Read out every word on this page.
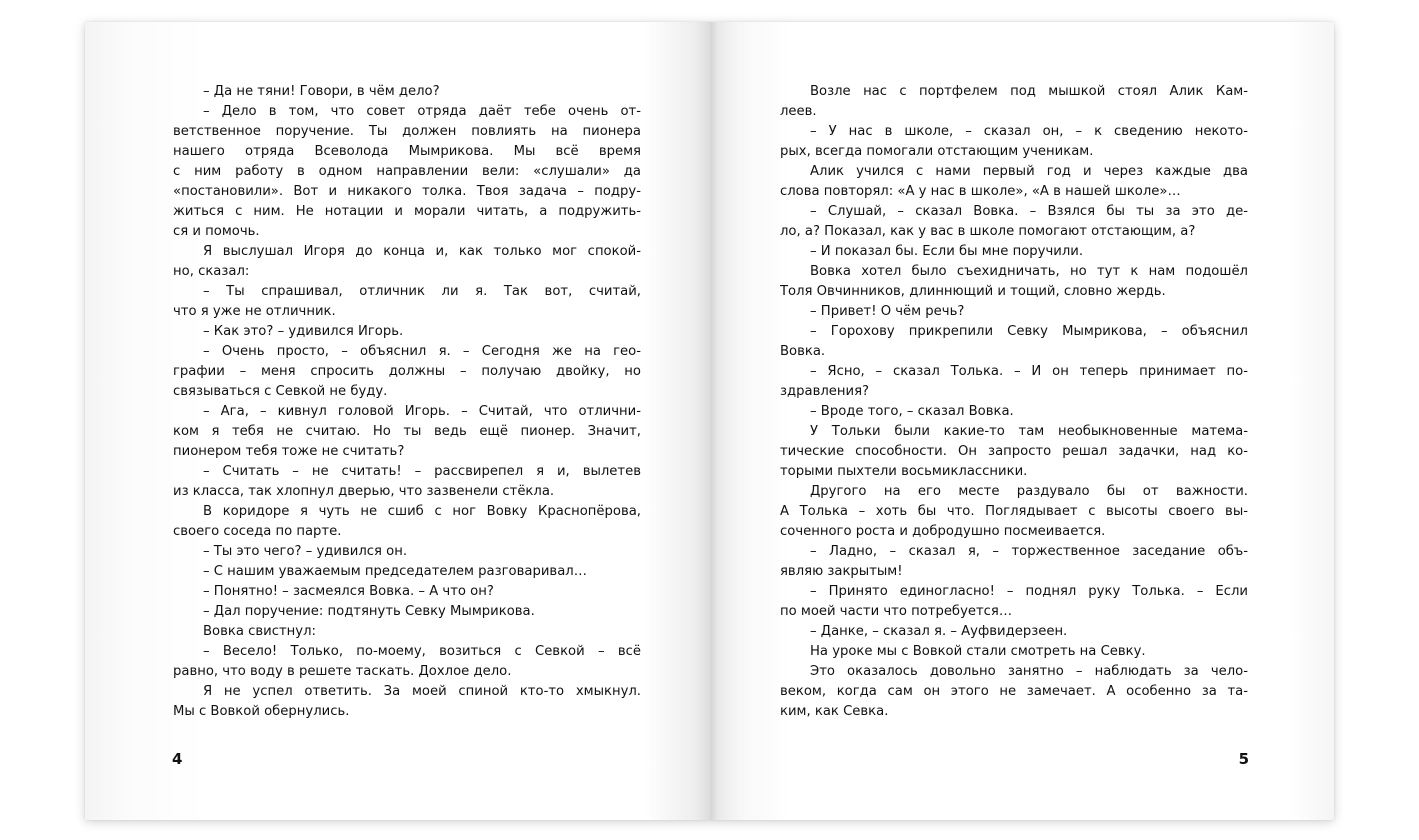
– Да не тяни! Говори, в чём дело?

– Дело в том, что совет отряда даёт тебе очень от-

ветственное поручение. Ты должен повлиять на пионера

нашего отряда Всеволода Мымрикова. Мы всё время

с ним работу в одном направлении вели: «слушали» да

«постановили». Вот и никакого толка. Твоя задача – подру-

житься с ним. Не нотации и морали читать, а подружить-

ся и помочь.

Я выслушал Игоря до конца и, как только мог спокой-

но, сказал:

– Ты спрашивал, отличник ли я. Так вот, считай,

что я уже не отличник.

– Как это? – удивился Игорь.

– Очень просто, – объяснил я. – Сегодня же на гео-

графии – меня спросить должны – получаю двойку, но

связываться с Севкой не буду.

– Ага, – кивнул головой Игорь. – Считай, что отлични-

ком я тебя не считаю. Но ты ведь ещё пионер. Значит,

пионером тебя тоже не считать?

– Считать – не считать! – рассвирепел я и, вылетев

из класса, так хлопнул дверью, что зазвенели стёкла.

В коридоре я чуть не сшиб с ног Вовку Краснопёрова,

своего соседа по парте.

– Ты это чего? – удивился он.

– С нашим уважаемым председателем разговаривал…

– Понятно! – засмеялся Вовка. – А что он?

– Дал поручение: подтянуть Севку Мымрикова.

Вовка свистнул:

– Весело! Только, по-моему, возиться с Севкой – всё

равно, что воду в решете таскать. Дохлое дело.

Я не успел ответить. За моей спиной кто-то хмыкнул.

Мы с Вовкой обернулись.

4

Возле нас с портфелем под мышкой стоял Алик Кам-

леев.

– У нас в школе, – сказал он, – к сведению некото-

рых, всегда помогали отстающим ученикам.

Алик учился с нами первый год и через каждые два

слова повторял: «А у нас в школе», «А в нашей школе»…

– Слушай, – сказал Вовка. – Взялся бы ты за это де-

ло, а? Показал, как у вас в школе помогают отстающим, а?

– И показал бы. Если бы мне поручили.

Вовка хотел было съехидничать, но тут к нам подошёл

Толя Овчинников, длиннющий и тощий, словно жердь.

– Привет! О чём речь?

– Горохову прикрепили Севку Мымрикова, – объяснил

Вовка.

– Ясно, – сказал Толька. – И он теперь принимает по-

здравления?

– Вроде того, – сказал Вовка.

У Тольки были какие-то там необыкновенные матема-

тические способности. Он запросто решал задачки, над ко-

торыми пыхтели восьмиклассники.

Другого на его месте раздувало бы от важности.

А Толька – хоть бы что. Поглядывает с высоты своего вы-

соченного роста и добродушно посмеивается.

– Ладно, – сказал я, – торжественное заседание объ-

являю закрытым!

– Принято единогласно! – поднял руку Толька. – Если

по моей части что потребуется…

– Данке, – сказал я. – Ауфвидерзеен.

На уроке мы с Вовкой стали смотреть на Севку.

Это оказалось довольно занятно – наблюдать за чело-

веком, когда сам он этого не замечает. А особенно за та-

ким, как Севка.

5
